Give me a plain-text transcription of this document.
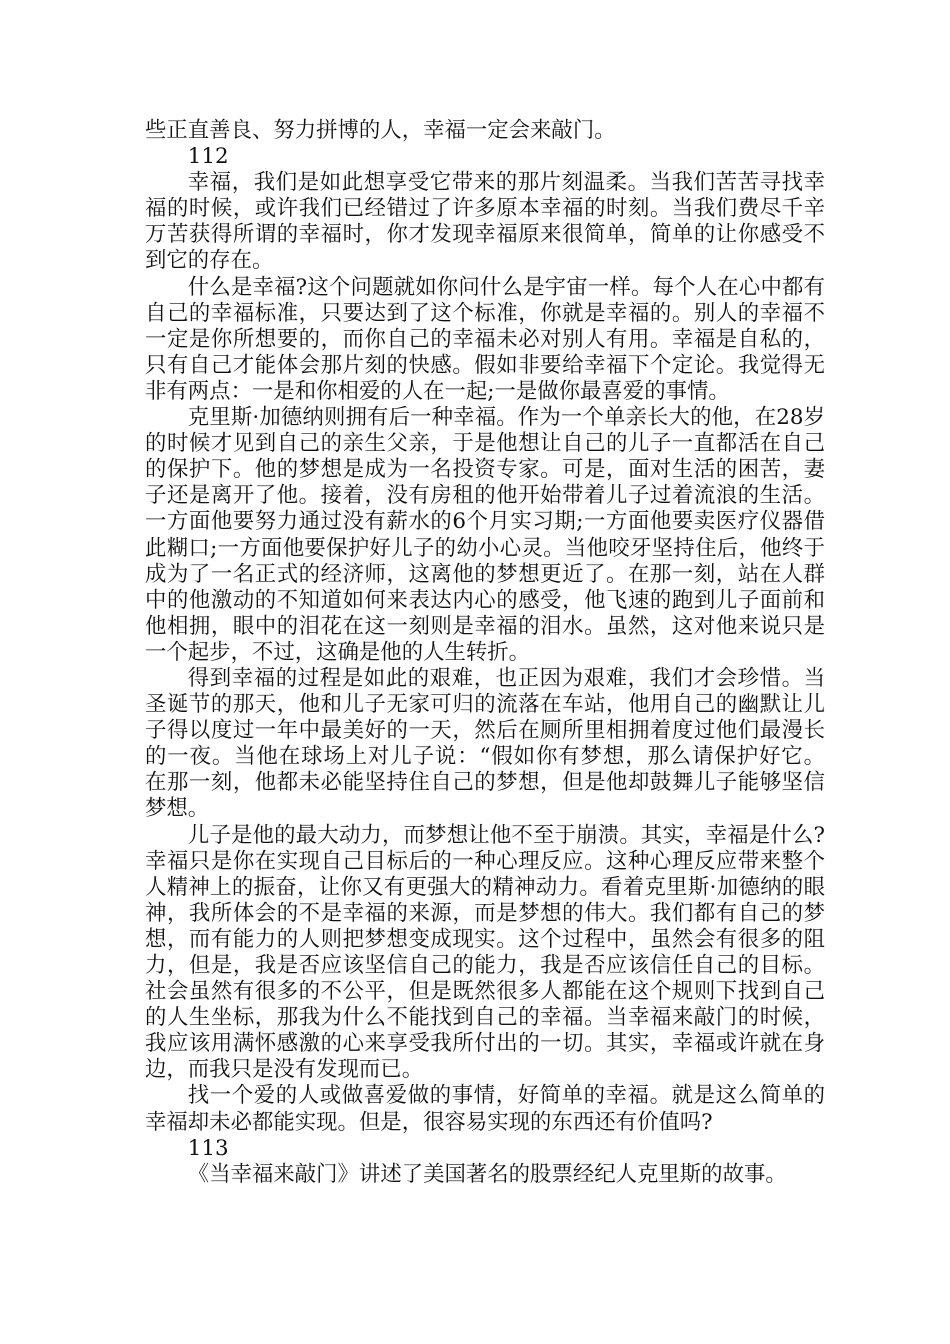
些正直善良、努力拼博的人，幸福一定会来敲门。

112

幸福，我们是如此想享受它带来的那片刻温柔。当我们苦苦寻找幸福的时候，或许我们已经错过了许多原本幸福的时刻。当我们费尽千辛万苦获得所谓的幸福时，你才发现幸福原来很简单，简单的让你感受不到它的存在。

什么是幸福?这个问题就如你问什么是宇宙一样。每个人在心中都有自己的幸福标准，只要达到了这个标准，你就是幸福的。别人的幸福不一定是你所想要的，而你自己的幸福未必对别人有用。幸福是自私的，只有自己才能体会那片刻的快感。假如非要给幸福下个定论。我觉得无非有两点：一是和你相爱的人在一起;一是做你最喜爱的事情。

克里斯·加德纳则拥有后一种幸福。作为一个单亲长大的他，在28岁的时候才见到自己的亲生父亲，于是他想让自己的儿子一直都活在自己的保护下。他的梦想是成为一名投资专家。可是，面对生活的困苦，妻子还是离开了他。接着，没有房租的他开始带着儿子过着流浪的生活。一方面他要努力通过没有薪水的6个月实习期;一方面他要卖医疗仪器借此糊口;一方面他要保护好儿子的幼小心灵。当他咬牙坚持住后，他终于成为了一名正式的经济师，这离他的梦想更近了。在那一刻，站在人群中的他激动的不知道如何来表达内心的感受，他飞速的跑到儿子面前和他相拥，眼中的泪花在这一刻则是幸福的泪水。虽然，这对他来说只是一个起步，不过，这确是他的人生转折。

得到幸福的过程是如此的艰难，也正因为艰难，我们才会珍惜。当圣诞节的那天，他和儿子无家可归的流落在车站，他用自己的幽默让儿子得以度过一年中最美好的一天，然后在厕所里相拥着度过他们最漫长的一夜。当他在球场上对儿子说：“假如你有梦想，那么请保护好它。 在那一刻，他都未必能坚持住自己的梦想，但是他却鼓舞儿子能够坚信梦想。

儿子是他的最大动力，而梦想让他不至于崩溃。其实，幸福是什么?幸福只是你在实现自己目标后的一种心理反应。这种心理反应带来整个人精神上的振奋，让你又有更强大的精神动力。看着克里斯·加德纳的眼神，我所体会的不是幸福的来源，而是梦想的伟大。我们都有自己的梦想，而有能力的人则把梦想变成现实。这个过程中，虽然会有很多的阻力，但是，我是否应该坚信自己的能力，我是否应该信任自己的目标。社会虽然有很多的不公平，但是既然很多人都能在这个规则下找到自己的人生坐标，那我为什么不能找到自己的幸福。当幸福来敲门的时候，我应该用满怀感激的心来享受我所付出的一切。其实，幸福或许就在身边，而我只是没有发现而已。

找一个爱的人或做喜爱做的事情，好简单的幸福。就是这么简单的幸福却未必都能实现。但是，很容易实现的东西还有价值吗?

113

《当幸福来敲门》讲述了美国著名的股票经纪人克里斯的故事。
